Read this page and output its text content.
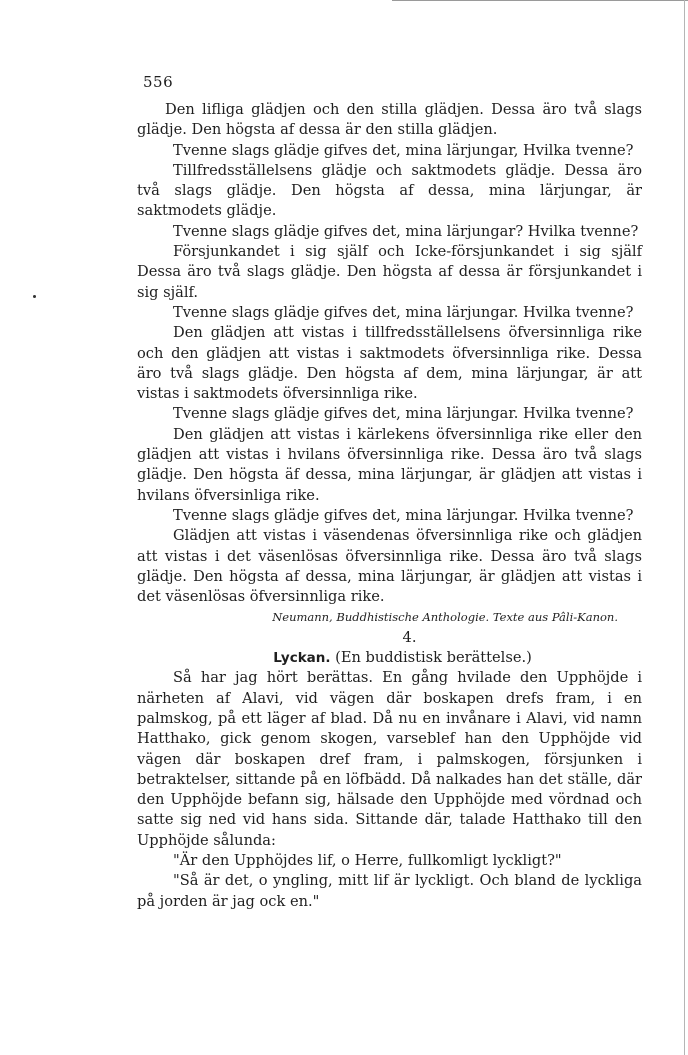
556

Den lifliga glädjen och den stilla glädjen. Dessa äro två slags glädje. Den högsta af dessa är den stilla glädjen.

Tvenne slags glädje gifves det, mina lärjungar, Hvilka tvenne?

Tillfredsställelsens glädje och saktmodets glädje. Dessa äro två slags glädje. Den högsta af dessa, mina lärjungar, är saktmodets glädje.

Tvenne slags glädje gifves det, mina lärjungar? Hvilka tvenne?

Försjunkandet i sig själf och Icke-försjunkandet i sig själf Dessa äro två slags glädje. Den högsta af dessa är försjunkandet i sig själf.

Tvenne slags glädje gifves det, mina lärjungar. Hvilka tvenne?

Den glädjen att vistas i tillfredsställelsens öfversinnliga rike och den glädjen att vistas i saktmodets öfversinnliga rike. Dessa äro två slags glädje. Den högsta af dem, mina lärjungar, är att vistas i saktmodets öfversinnliga rike.

Tvenne slags glädje gifves det, mina lärjungar. Hvilka tvenne?

Den glädjen att vistas i kärlekens öfversinnliga rike eller den glädjen att vistas i hvilans öfversinnliga rike. Dessa äro två slags glädje. Den högsta äf dessa, mina lärjungar, är glädjen att vistas i hvilans öfversinliga rike.

Tvenne slags glädje gifves det, mina lärjungar. Hvilka tvenne?

Glädjen att vistas i väsendenas öfversinnliga rike och glädjen att vistas i det väsenlösas öfversinnliga rike. Dessa äro två slags glädje. Den högsta af dessa, mina lärjungar, är glädjen att vistas i det väsenlösas öfversinnliga rike.

Neumann, Buddhistische Anthologie. Texte aus Pâli-Kanon.

4.

Lyckan. (En buddistisk berättelse.)

Så har jag hört berättas. En gång hvilade den Upphöjde i närheten af Alavi, vid vägen där boskapen drefs fram, i en palmskog, på ett läger af blad. Då nu en invånare i Alavi, vid namn Hatthako, gick genom skogen, varseblef han den Upphöjde vid vägen där boskapen dref fram, i palmskogen, försjunken i betraktelser, sittande på en löfbädd. Då nalkades han det ställe, där den Upphöjde befann sig, hälsade den Upphöjde med vördnad och satte sig ned vid hans sida. Sittande där, talade Hatthako till den Upphöjde sålunda:

"Är den Upphöjdes lif, o Herre, fullkomligt lyckligt?"

"Så är det, o yngling, mitt lif är lyckligt. Och bland de lyckliga på jorden är jag ock en."
